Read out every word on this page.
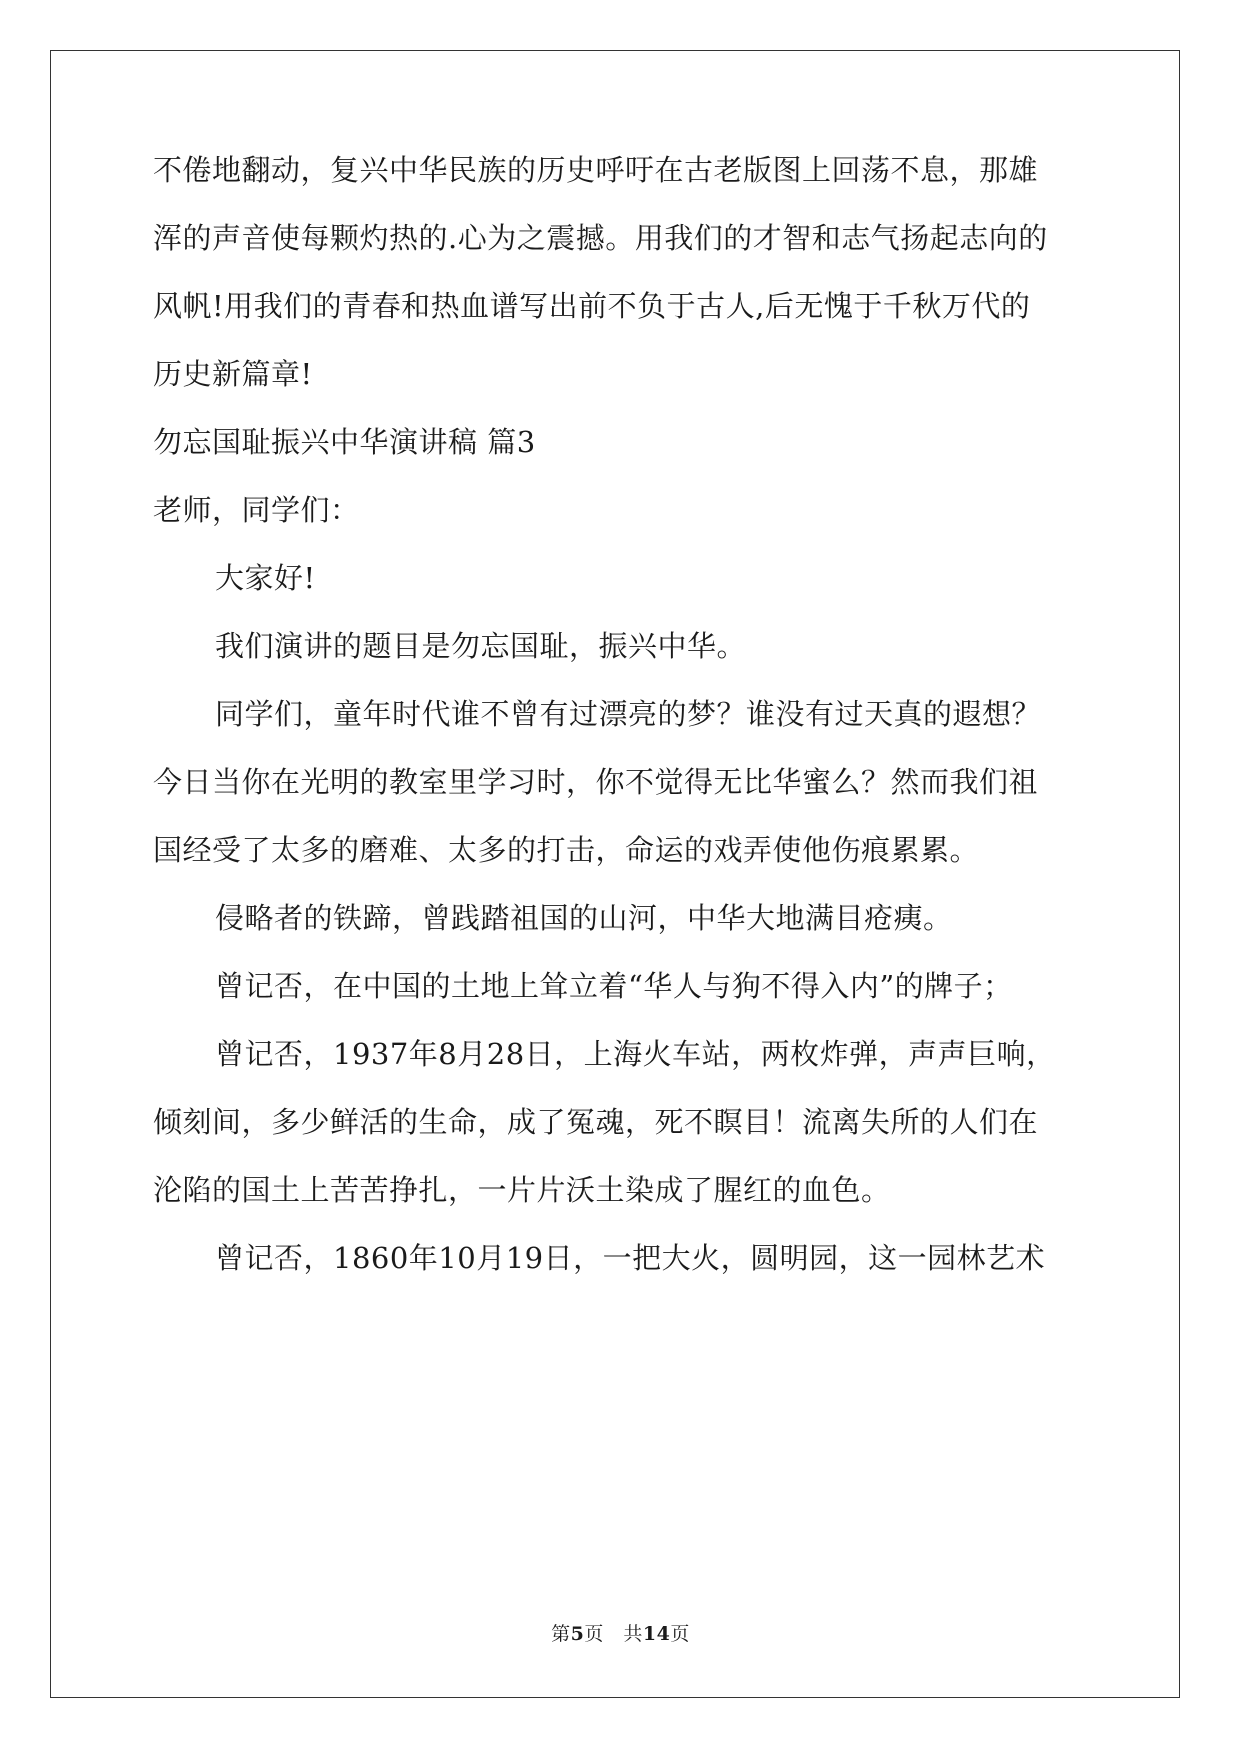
不倦地翻动，复兴中华民族的历史呼吁在古老版图上回荡不息，那雄
浑的声音使每颗灼热的.心为之震撼。用我们的才智和志气扬起志向的
风帆!用我们的青春和热血谱写出前不负于古人,后无愧于千秋万代的
历史新篇章!
勿忘国耻振兴中华演讲稿 篇3
老师，同学们：
大家好!
我们演讲的题目是勿忘国耻，振兴中华。
同学们，童年时代谁不曾有过漂亮的梦？谁没有过天真的遐想？
今日当你在光明的教室里学习时，你不觉得无比华蜜么？然而我们祖
国经受了太多的磨难、太多的打击，命运的戏弄使他伤痕累累。
侵略者的铁蹄，曾践踏祖国的山河，中华大地满目疮痍。
曾记否，在中国的土地上耸立着“华人与狗不得入内”的牌子；
曾记否，1937年8月28日，上海火车站，两枚炸弹，声声巨响，
倾刻间，多少鲜活的生命，成了冤魂，死不瞑目！流离失所的人们在
沦陷的国土上苦苦挣扎，一片片沃土染成了腥红的血色。
曾记否，1860年10月19日，一把大火，圆明园，这一园林艺术
第5页　共14页
